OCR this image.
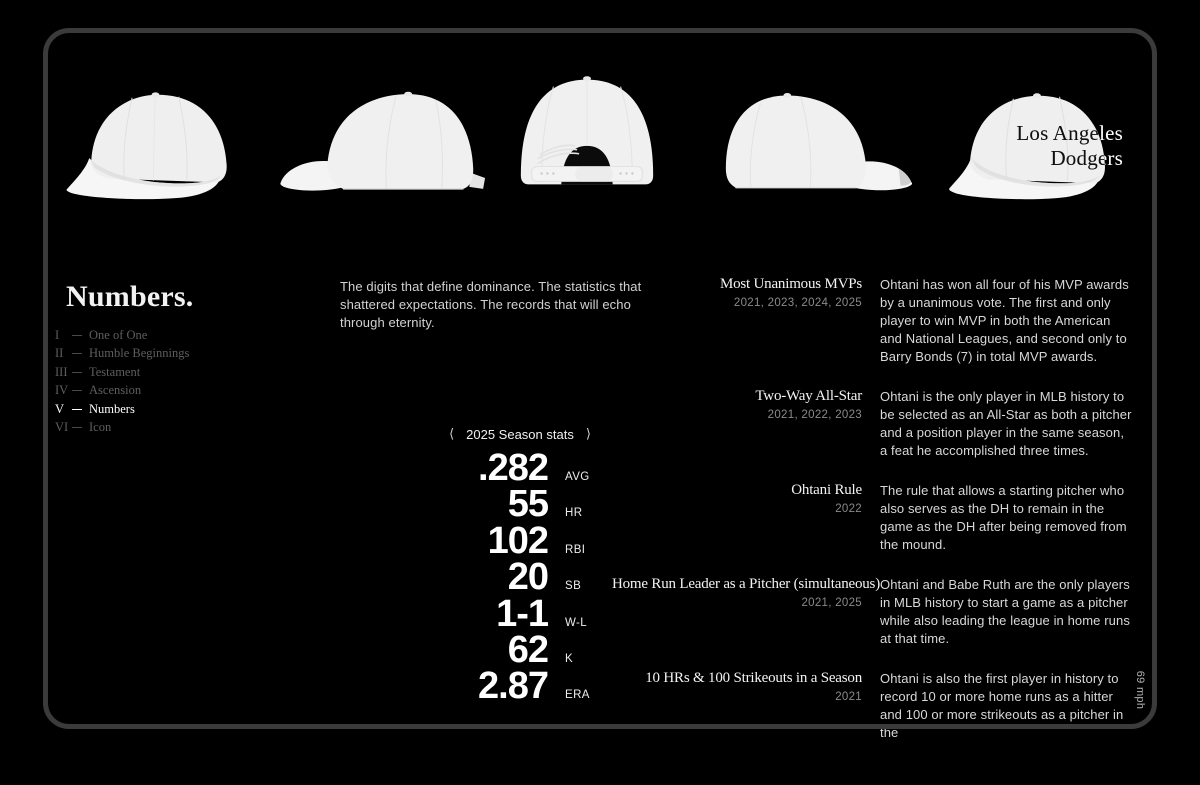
Los Angeles Dodgers
Numbers.
I	One of One
II	Humble Beginnings
III	Testament
IV	Ascension
V	Numbers
VI	Icon

The digits that define dominance. The statistics that shattered expectations. The records that will echo through eternity.

⟨ 2025 Season stats ⟩
.282 AVG
55 HR
102 RBI
20 SB
1-1 W-L
62 K
2.87 ERA
Most Unanimous MVPs
2021, 2023, 2024, 2025
Ohtani has won all four of his MVP awards by a unanimous vote. The first and only player to win MVP in both the American and National Leagues, and second only to Barry Bonds (7) in total MVP awards.
Two-Way All-Star
2021, 2022, 2023
Ohtani is the only player in MLB history to be selected as an All-Star as both a pitcher and a position player in the same season, a feat he accomplished three times.
Ohtani Rule
2022
The rule that allows a starting pitcher who also serves as the DH to remain in the game as the DH after being removed from the mound.
Home Run Leader as a Pitcher (simultaneous)
2021, 2025
Ohtani and Babe Ruth are the only players in MLB history to start a game as a pitcher while also leading the league in home runs at that time.
10 HRs & 100 Strikeouts in a Season
2021
Ohtani is also the first player in history to record 10 or more home runs as a hitter and 100 or more strikeouts as a pitcher in the
69 mph
